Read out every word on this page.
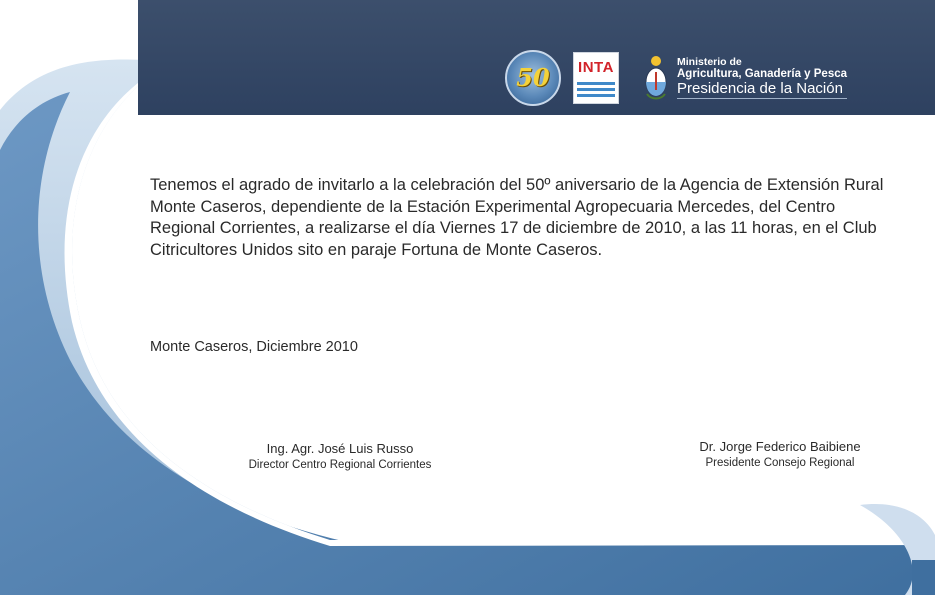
50	INTA	Ministerio de
Agricultura, Ganadería y Pesca
Presidencia de la Nación

Tenemos el agrado de invitarlo a la celebración del 50º aniversario de la Agencia de Extensión Rural Monte Caseros, dependiente de la Estación Experimental Agropecuaria Mercedes, del Centro Regional Corrientes, a realizarse el día Viernes 17 de diciembre de 2010, a las 11 horas, en el Club Citricultores Unidos sito en paraje Fortuna de Monte Caseros.

Monte Caseros, Diciembre 2010

Ing. Agr. José Luis Russo
Director Centro Regional Corrientes
Dr. Jorge Federico Baibiene
Presidente Consejo Regional
